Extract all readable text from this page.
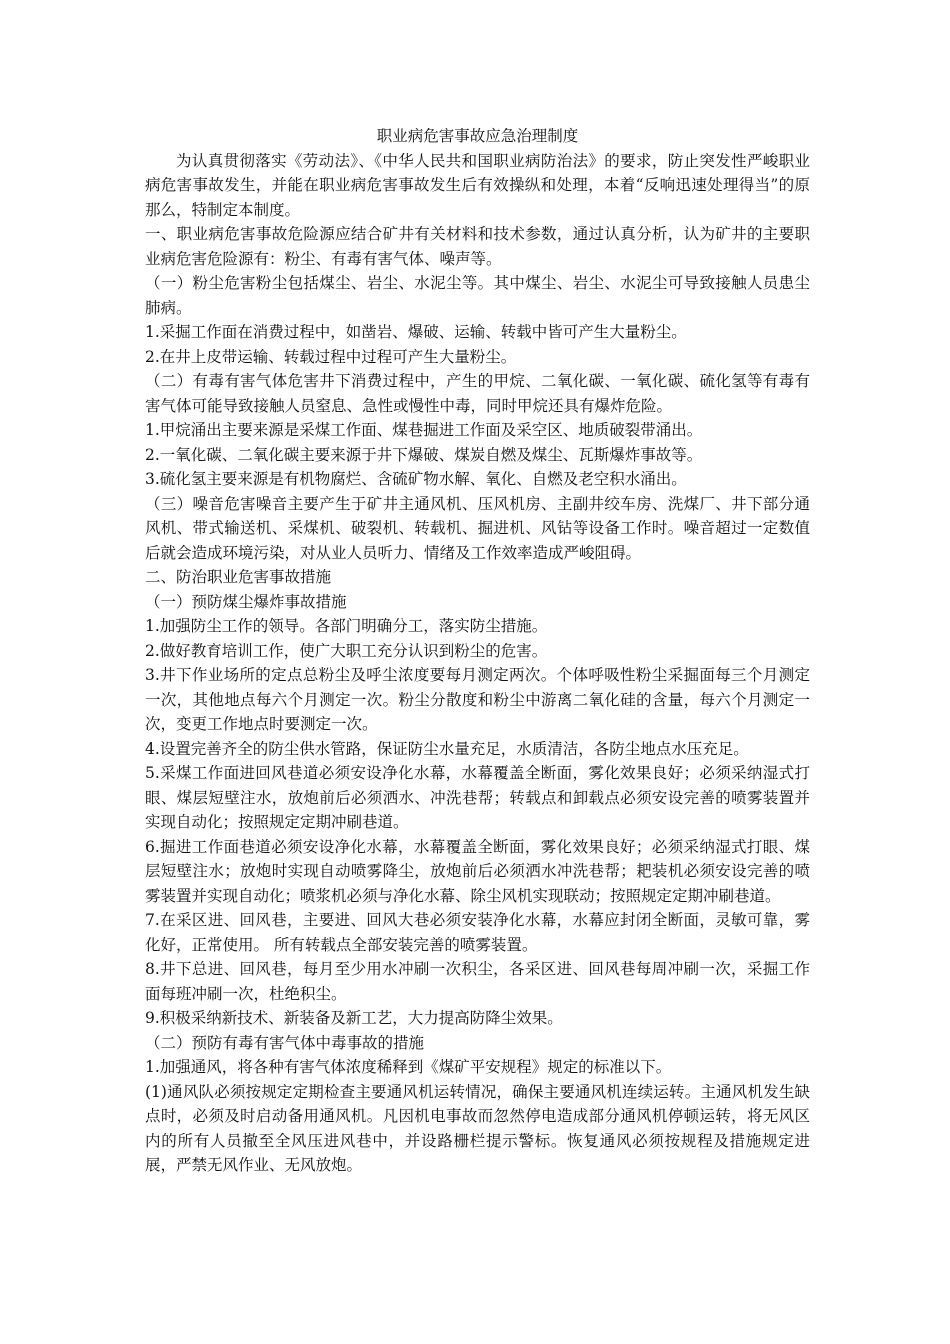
职业病危害事故应急治理制度

为认真贯彻落实《劳动法》、《中华人民共和国职业病防治法》的要求，防止突发性严峻职业病危害事故发生，并能在职业病危害事故发生后有效操纵和处理，本着“反响迅速处理得当”的原那么，特制定本制度。

一、职业病危害事故危险源应结合矿井有关材料和技术参数，通过认真分析，认为矿井的主要职业病危害危险源有：粉尘、有毒有害气体、噪声等。

（一）粉尘危害粉尘包括煤尘、岩尘、水泥尘等。其中煤尘、岩尘、水泥尘可导致接触人员患尘肺病。

1.采掘工作面在消费过程中，如凿岩、爆破、运输、转载中皆可产生大量粉尘。

2.在井上皮带运输、转载过程中过程可产生大量粉尘。

（二）有毒有害气体危害井下消费过程中，产生的甲烷、二氧化碳、一氧化碳、硫化氢等有毒有害气体可能导致接触人员窒息、急性或慢性中毒，同时甲烷还具有爆炸危险。

1.甲烷涌出主要来源是采煤工作面、煤巷掘进工作面及采空区、地质破裂带涌出。

2.一氧化碳、二氧化碳主要来源于井下爆破、煤炭自燃及煤尘、瓦斯爆炸事故等。

3.硫化氢主要来源是有机物腐烂、含硫矿物水解、氧化、自燃及老空积水涌出。

（三）噪音危害噪音主要产生于矿井主通风机、压风机房、主副井绞车房、洗煤厂、井下部分通风机、带式输送机、采煤机、破裂机、转载机、掘进机、风钻等设备工作时。噪音超过一定数值后就会造成环境污染，对从业人员听力、情绪及工作效率造成严峻阻碍。

二、防治职业危害事故措施

（一）预防煤尘爆炸事故措施

1.加强防尘工作的领导。各部门明确分工，落实防尘措施。

2.做好教育培训工作，使广大职工充分认识到粉尘的危害。

3.井下作业场所的定点总粉尘及呼尘浓度要每月测定两次。个体呼吸性粉尘采掘面每三个月测定一次，其他地点每六个月测定一次。粉尘分散度和粉尘中游离二氧化硅的含量，每六个月测定一次，变更工作地点时要测定一次。

4.设置完善齐全的防尘供水管路，保证防尘水量充足，水质清洁，各防尘地点水压充足。

5.采煤工作面进回风巷道必须安设净化水幕，水幕覆盖全断面，雾化效果良好；必须采纳湿式打眼、煤层短壁注水，放炮前后必须洒水、冲洗巷帮；转载点和卸载点必须安设完善的喷雾装置并实现自动化；按照规定定期冲刷巷道。

6.掘进工作面巷道必须安设净化水幕，水幕覆盖全断面，雾化效果良好；必须采纳湿式打眼、煤层短壁注水；放炮时实现自动喷雾降尘，放炮前后必须洒水冲洗巷帮；耙装机必须安设完善的喷雾装置并实现自动化；喷浆机必须与净化水幕、除尘风机实现联动；按照规定定期冲刷巷道。

7.在采区进、回风巷，主要进、回风大巷必须安装净化水幕，水幕应封闭全断面，灵敏可靠，雾化好，正常使用。 所有转载点全部安装完善的喷雾装置。

8.井下总进、回风巷，每月至少用水冲刷一次积尘，各采区进、回风巷每周冲刷一次，采掘工作面每班冲刷一次，杜绝积尘。

9.积极采纳新技术、新装备及新工艺，大力提高防降尘效果。

（二）预防有毒有害气体中毒事故的措施

1.加强通风，将各种有害气体浓度稀释到《煤矿平安规程》规定的标准以下。

(1)通风队必须按规定定期检查主要通风机运转情况，确保主要通风机连续运转。主通风机发生缺点时，必须及时启动备用通风机。凡因机电事故而忽然停电造成部分通风机停顿运转，将无风区内的所有人员撤至全风压进风巷中，并设路栅栏提示警标。恢复通风必须按规程及措施规定进展，严禁无风作业、无风放炮。
